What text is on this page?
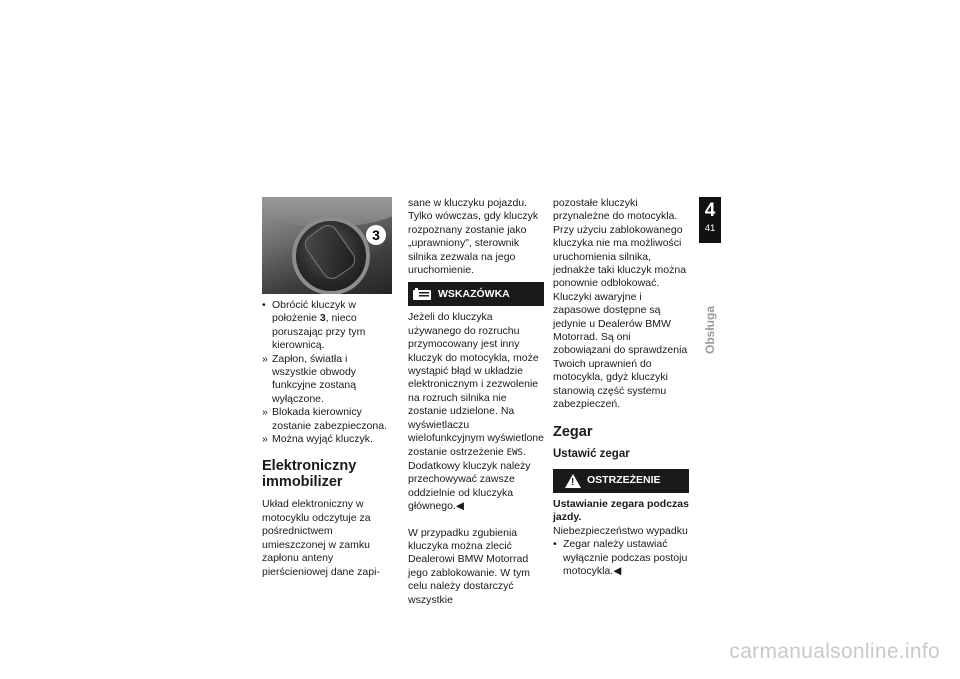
3
• Obrócić kluczyk w położenie 3, nieco poruszając przy tym kierownicą.
» Zapłon, światła i wszystkie obwody funkcyjne zostaną wyłączone.
» Blokada kierownicy zostanie zabezpieczona.
» Można wyjąć kluczyk.
Elektroniczny immobilizer

Układ elektroniczny w motocyklu odczytuje za pośrednictwem umieszczonej w zamku zapłonu anteny pierścieniowej dane zapi-

sane w kluczyku pojazdu. Tylko wówczas, gdy kluczyk rozpoznany zostanie jako „uprawniony", sterownik silnika zezwala na jego uruchomienie.

WSKAZÓWKA

Jeżeli do kluczyka używanego do rozruchu przymocowany jest inny kluczyk do motocykla, może wystąpić błąd w układzie elektronicznym i zezwolenie na rozruch silnika nie zostanie udzielone. Na wyświetlaczu wielofunkcyjnym wyświetlone zostanie ostrzeżenie EWS.

Dodatkowy kluczyk należy przechowywać zawsze oddzielnie od kluczyka głównego.◀

W przypadku zgubienia kluczyka można zlecić Dealerowi BMW Motorrad jego zablokowanie. W tym celu należy dostarczyć wszystkie

pozostałe kluczyki przynależne do motocykla.

Przy użyciu zablokowanego kluczyka nie ma możliwości uruchomienia silnika, jednakże taki kluczyk można ponownie odblokować.

Kluczyki awaryjne i zapasowe dostępne są jedynie u Dealerów BMW Motorrad. Są oni zobowiązani do sprawdzenia Twoich uprawnień do motocykla, gdyż kluczyki stanowią część systemu zabezpieczeń.

Zegar
Ustawić zegar
! OSTRZEŻENIE

Ustawianie zegara podczas jazdy.

Niebezpieczeństwo wypadku

• Zegar należy ustawiać wyłącznie podczas postoju motocykla.◀
4
41
Obsługa
carmanualsonline.info
